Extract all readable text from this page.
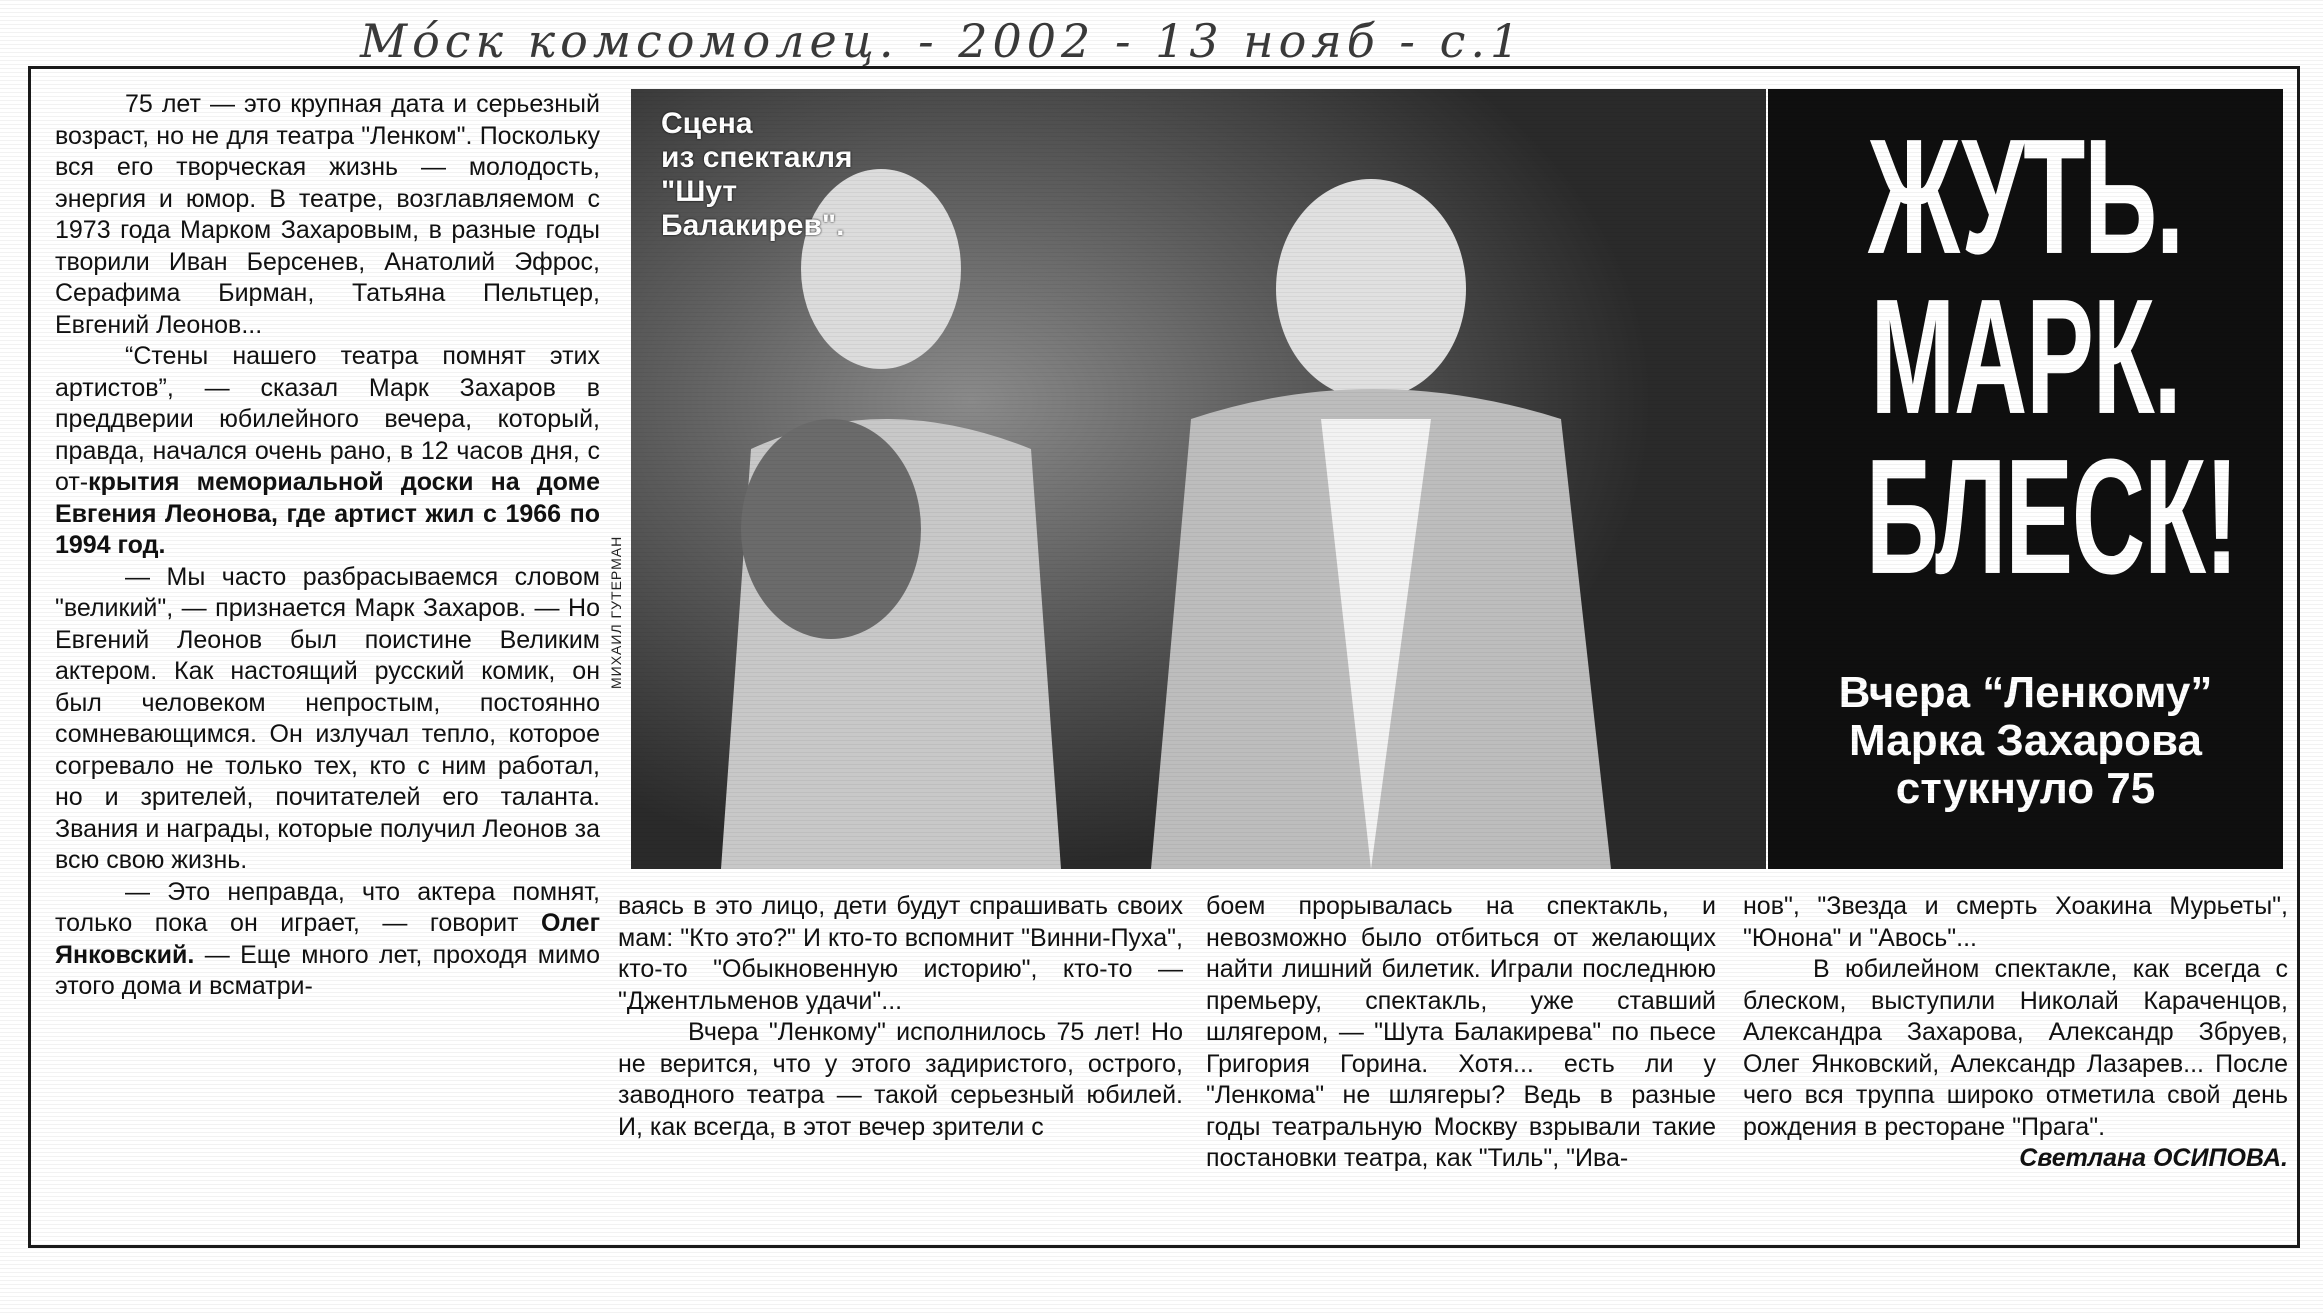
Мóск комсомолец. - 2002 - 13 нояб - с.1

75 лет — это крупная дата и серьезный возраст, но не для театра "Ленком". Поскольку вся его творческая жизнь — молодость, энергия и юмор. В театре, возглавляемом с 1973 года Марком Захаровым, в разные годы творили Иван Берсенев, Анатолий Эфрос, Серафима Бирман, Татьяна Пельтцер, Евгений Леонов...

“Стены нашего театра помнят этих артистов”, — сказал Марк Захаров в преддверии юбилейного вечера, который, правда, начался очень рано, в 12 часов дня, с от-крытия мемориальной доски на доме Евгения Леонова, где артист жил с 1966 по 1994 год.

— Мы часто разбрасываемся словом "великий", — признается Марк Захаров. — Но Евгений Леонов был поистине Великим актером. Как настоящий русский комик, он был человеком непростым, постоянно сомневающимся. Он излучал тепло, которое согревало не только тех, кто с ним работал, но и зрителей, почитателей его таланта. Звания и награды, которые получил Леонов за всю свою жизнь.

— Это неправда, что актера помнят, только пока он играет, — говорит Олег Янковский. — Еще много лет, проходя мимо этого дома и всматри-

Сцена
из спектакля
"Шут
Балакирев".
МИХАИЛ ГУТЕРМАН
ЖУТЬ.
МАРК.
БЛЕСК!
Вчера “Ленкому”
Марка Захарова
стукнуло 75

ваясь в это лицо, дети будут спрашивать своих мам: "Кто это?" И кто-то вспомнит "Винни-Пуха", кто-то "Обыкновенную историю", кто-то — "Джентльменов удачи"...

Вчера "Ленкому" исполнилось 75 лет! Но не верится, что у этого задиристого, острого, заводного театра — такой серьезный юбилей. И, как всегда, в этот вечер зрители с

боем прорывалась на спектакль, и невозможно было отбиться от желающих найти лишний билетик. Играли последнюю премьеру, спектакль, уже ставший шлягером, — "Шута Балакирева" по пьесе Григория Горина. Хотя... есть ли у "Ленкома" не шлягеры? Ведь в разные годы театральную Москву взрывали такие постановки театра, как "Тиль", "Ива-

нов", "Звезда и смерть Хоакина Мурьеты", "Юнона" и "Авось"...

В юбилейном спектакле, как всегда с блеском, выступили Николай Караченцов, Александра Захарова, Александр Збруев, Олег Янковский, Александр Лазарев... После чего вся труппа широко отметила свой день рождения в ресторане "Прага".

Светлана ОСИПОВА.
